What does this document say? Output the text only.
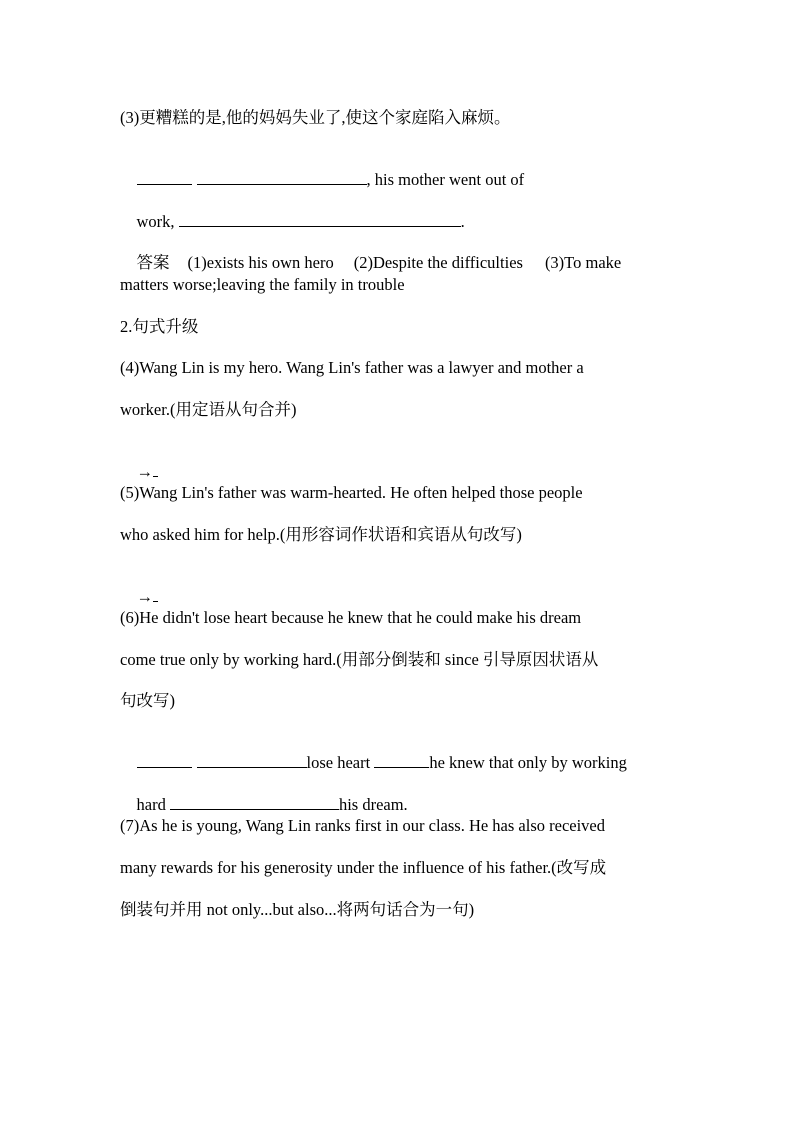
(3)更糟糕的是,他的妈妈失业了,使这个家庭陷入麻烦。

, his mother went out of

work,	.

答案 (1)exists his own hero (2)Despite the difficulties (3)To make

matters worse;leaving the family in trouble
2.句式升级
(4)Wang Lin is my hero. Wang Lin's father was a lawyer and mother a
worker.(用定语从句合并)

→

(5)Wang Lin's father was warm-hearted. He often helped those people
who asked him for help.(用形容词作状语和宾语从句改写)

→

(6)He didn't lose heart because he knew that he could make his dream
come true only by working hard.(用部分倒装和 since 引导原因状语从
句改写)

lose heart	he knew that only by working

hard	his dream.

(7)As he is young, Wang Lin ranks first in our class. He has also received
many rewards for his generosity under the influence of his father.(改写成
倒装句并用 not only...but also...将两句话合为一句)
